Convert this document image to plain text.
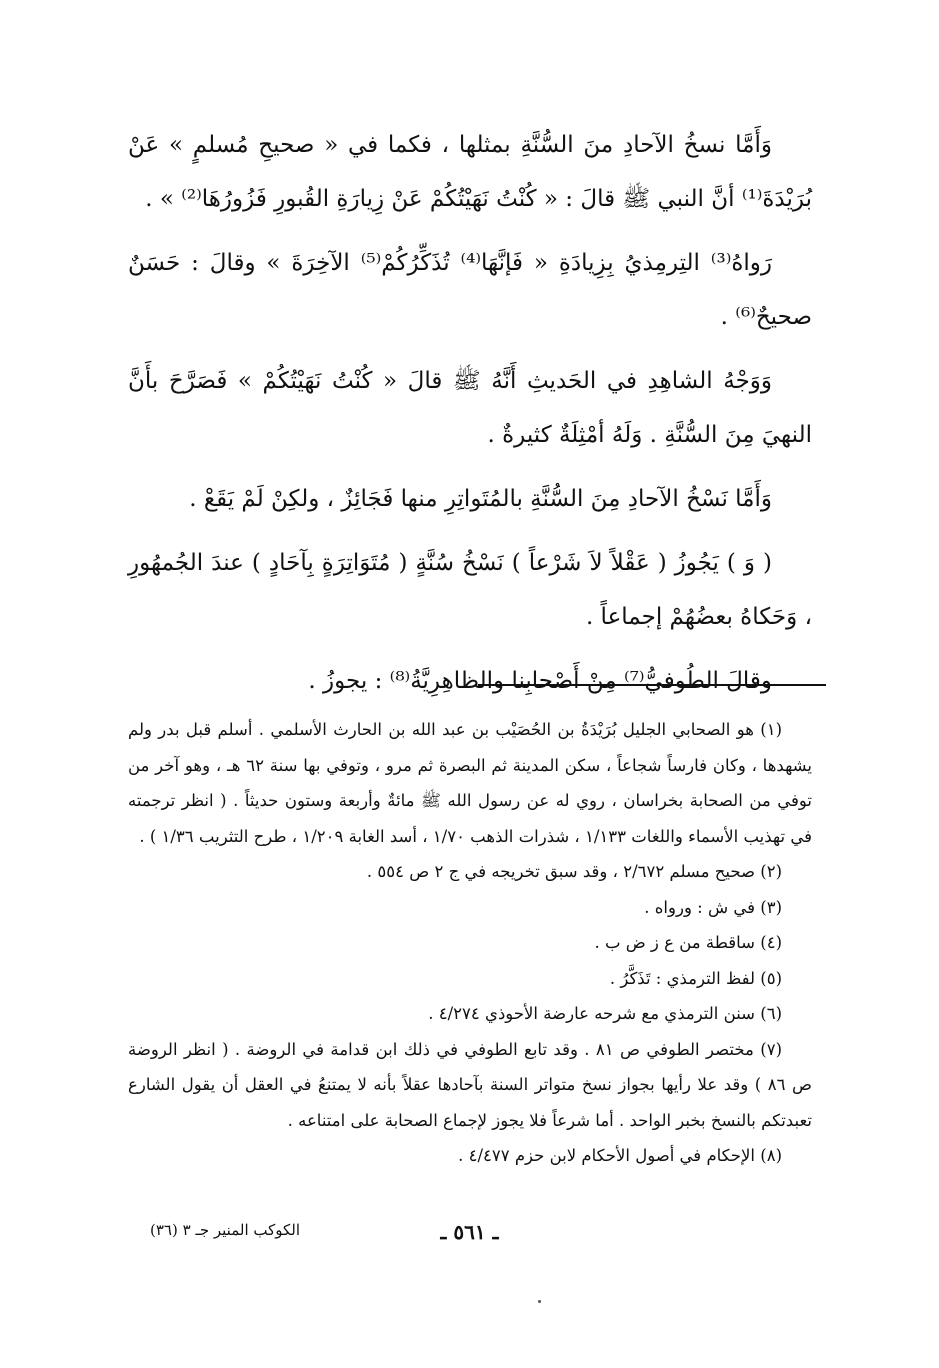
وَأَمَّا نسخُ الآحادِ منَ السُّنَّةِ بمثلها ، فكما في « صحيحِ مُسلمٍ » عَنْ بُرَيْدَةَ⁽¹⁾ أنَّ النبي ﷺ قالَ : « كُنْتُ نَهَيْتُكُمْ عَنْ زِيارَةِ القُبورِ فَزُورُهَا⁽²⁾ » .

رَواهُ⁽³⁾ التِرمِذيُ بِزِيادَةِ « فَإنَّهَا⁽⁴⁾ تُذَكِّرُكُمْ⁽⁵⁾ الآخِرَةَ » وقالَ : حَسَنٌ صحيحٌ⁽⁶⁾ .

وَوَجْهُ الشاهِدِ في الحَديثِ أَنَّهُ ﷺ قالَ « كُنْتُ نَهَيْتُكُمْ » فَصَرَّحَ بأَنَّ النهيَ مِنَ السُّنَّةِ . وَلَهُ أمْثِلَةٌ كثيرةٌ .

وَأَمَّا نَسْخُ الآحادِ مِنَ السُّنَّةِ بالمُتَواتِرِ منها فَجَائِزٌ ، ولكِنْ لَمْ يَقَعْ .

( وَ ) يَجُوزُ ( عَقْلاً لاَ شَرْعاً ) نَسْخُ سُنَّةٍ ( مُتَوَاتِرَةٍ بِآحَادٍ ) عندَ الجُمهُورِ ، وَحَكاهُ بعضُهُمْ إجماعاً .

وقالَ الطُوفيُّ⁽⁷⁾ مِنْ أَصْحابِنا والظاهِرِيَّةُ⁽⁸⁾ : يجوزُ .

(١) هو الصحابي الجليل بُرَيْدَةُ بن الحُصَيْب بن عبد الله بن الحارث الأسلمي . أسلم قبل بدر ولم يشهدها ، وكان فارساً شجاعاً ، سكن المدينة ثم البصرة ثم مرو ، وتوفي بها سنة ٦٢ هـ ، وهو آخر من توفي من الصحابة بخراسان ، روي له عن رسول الله ﷺ مائةٌ وأربعة وستون حديثاً . ( انظر ترجمته في تهذيب الأسماء واللغات ١/١٣٣ ، شذرات الذهب ١/٧٠ ، أسد الغابة ١/٢٠٩ ، طرح التثريب ١/٣٦ ) .

(٢) صحيح مسلم ٢/٦٧٢ ، وقد سبق تخريجه في ج ٢ ص ٥٥٤ .

(٣) في ش : ورواه .

(٤) ساقطة من ع ز ض ب .

(٥) لفظ الترمذي : تَذَكَّرُ .

(٦) سنن الترمذي مع شرحه عارضة الأحوذي ٤/٢٧٤ .

(٧) مختصر الطوفي ص ٨١ . وقد تابع الطوفي في ذلك ابن قدامة في الروضة . ( انظر الروضة ص ٨٦ ) وقد علا رأيها بجواز نسخ متواتر السنة بآحادها عقلاً بأنه لا يمتنعُ في العقل أن يقول الشارع تعبدتكم بالنسخ بخبر الواحد . أما شرعاً فلا يجوز لإجماع الصحابة على امتناعه .

(٨) الإحكام في أصول الأحكام لابن حزم ٤/٤٧٧ .

ـ ٥٦١ ـ
الكوكب المنير جـ ٣ (٣٦)
